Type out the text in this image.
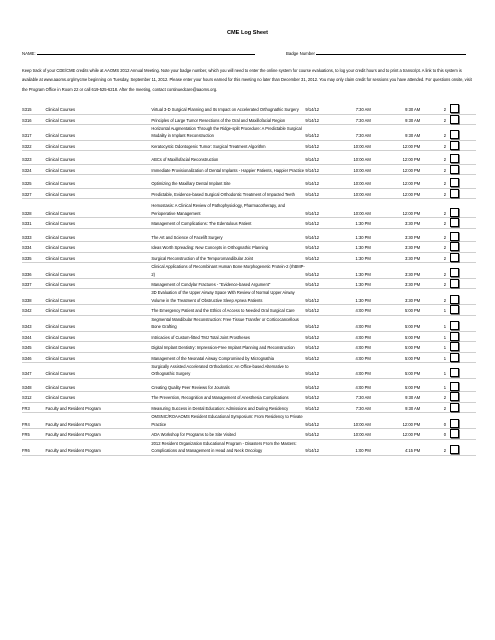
CME Log Sheet
NAME:	Badge Number
Keep track of your CDE/CME credits while at AAOMS 2012 Annual Meeting. Note your badge number, which you will need to enter the online system for course evaluations, to log your credit hours and to print a transcript. A link to this system is available at www.aaoms.org/mycme beginning on Tuesday, September 11, 2012. Please enter your hours earned for this meeting no later than December 31, 2012. You may only claim credit for sessions you have attended. For questions onsite, visit the Program Office in Room 22 or call 619-525-6218. After the meeting, contact continuedcare@aaoms.org.
S315	Clinical Courses	Virtual 3-D Surgical Planning and Its Impact on Accelerated Orthognathic Surgery	9/14/12	7:30 AM	9:30 AM	2	
S316	Clinical Courses	Principles of Large Tumor Resections of the Oral and Maxillofacial Region	9/14/12	7:30 AM	9:30 AM	2	
S317	Clinical Courses	Horizontal Augmentation Through the Ridge-split Procedure: A Predictable Surgical Modality in Implant Reconstruction	9/14/12	7:30 AM	9:30 AM	2	
S322	Clinical Courses	Keratocystic Odontogenic Tumor: Surgical Treatment Algorithm	9/14/12	10:00 AM	12:00 PM	2	
S323	Clinical Courses	ABCs of Maxillofacial Reconstruction	9/14/12	10:00 AM	12:00 PM	2	
S324	Clinical Courses	Immediate Provisionalization of Dental Implants - Happier Patients, Happier Practice	9/14/12	10:00 AM	12:00 PM	2	
S325	Clinical Courses	Optimizing the Maxillary Dental Implant Site	9/14/12	10:00 AM	12:00 PM	2	
S327	Clinical Courses	Predictable, Evidence-based Surgical Orthodontic Treatment of Impacted Teeth	9/14/12	10:00 AM	12:00 PM	2	
S328	Clinical Courses	Hemostasis: A Clinical Review of Pathophysiology, Pharmacotherapy, and Perioperative Management	9/14/12	10:00 AM	12:00 PM	2	
S331	Clinical Courses	Management of Complications: The Edentulous Patient	9/14/12	1:30 PM	3:30 PM	2	
S333	Clinical Courses	The Art and Science of Facelift Surgery	9/14/12	1:30 PM	3:30 PM	2	
S334	Clinical Courses	Ideas Worth Spreading: New Concepts in Orthognathic Planning	9/14/12	1:30 PM	3:30 PM	2	
S335	Clinical Courses	Surgical Reconstruction of the Temporomandibular Joint	9/14/12	1:30 PM	3:30 PM	2	
S336	Clinical Courses	Clinical Applications of Recombinant Human Bone Morphogenetic Protein-2 (rhBMP-2)	9/14/12	1:30 PM	3:30 PM	2	
S337	Clinical Courses	Management of Condylar Fractures - "Evidence-based Argument"	9/14/12	1:30 PM	3:30 PM	2	
S338	Clinical Courses	3D Evaluation of the Upper Airway Space With Review of Normal Upper Airway Volume in the Treatment of Obstructive Sleep Apnea Patients	9/14/12	1:30 PM	3:30 PM	2	
S342	Clinical Courses	The Emergency Patient and the Ethics of Access to Needed Oral Surgical Care	9/14/12	4:00 PM	5:00 PM	1	
S343	Clinical Courses	Segmental Mandibular Reconstruction: Free Tissue Transfer or Corticocancellous Bone Grafting	9/14/12	4:00 PM	5:00 PM	1	
S344	Clinical Courses	Intricacies of Custom-fitted TMJ Total Joint Prostheses	9/14/12	4:00 PM	5:00 PM	1	
S345	Clinical Courses	Digital Implant Dentistry: Impression-Free Implant Planning and Reconstruction	9/14/12	4:00 PM	5:00 PM	1	
S346	Clinical Courses	Management of the Neonatal Airway Compromised by Micrognathia	9/14/12	4:00 PM	5:00 PM	1	
S347	Clinical Courses	Surgically Assisted Accelerated Orthodontics: An Office-based Alternative to Orthognathic Surgery	9/14/12	4:00 PM	5:00 PM	1	
S348	Clinical Courses	Creating Quality Peer Reviews for Journals	9/14/12	4:00 PM	5:00 PM	1	
S312	Clinical Courses	The Prevention, Recognition and Management of Anesthesia Complications	9/14/12	7:30 AM	9:30 AM	2	
FR3	Faculty and Resident Program	Measuring Success in Dental Education: Admissions and During Residency	9/14/12	7:30 AM	9:30 AM	2	
FR4	Faculty and Resident Program	OMSNIC/ROAAOMS Resident Educational Symposium: From Residency to Private Practice	9/14/12	10:00 AM	12:00 PM	0	
FR5	Faculty and Resident Program	ADA Workshop for Programs to be Site Visited	9/14/12	10:00 AM	12:00 PM	0	
FR6	Faculty and Resident Program	2012 Resident Organization Educational Program - Disasters From the Masters: Complications and Management in Head and Neck Oncology	9/14/12	1:00 PM	4:15 PM	2	
